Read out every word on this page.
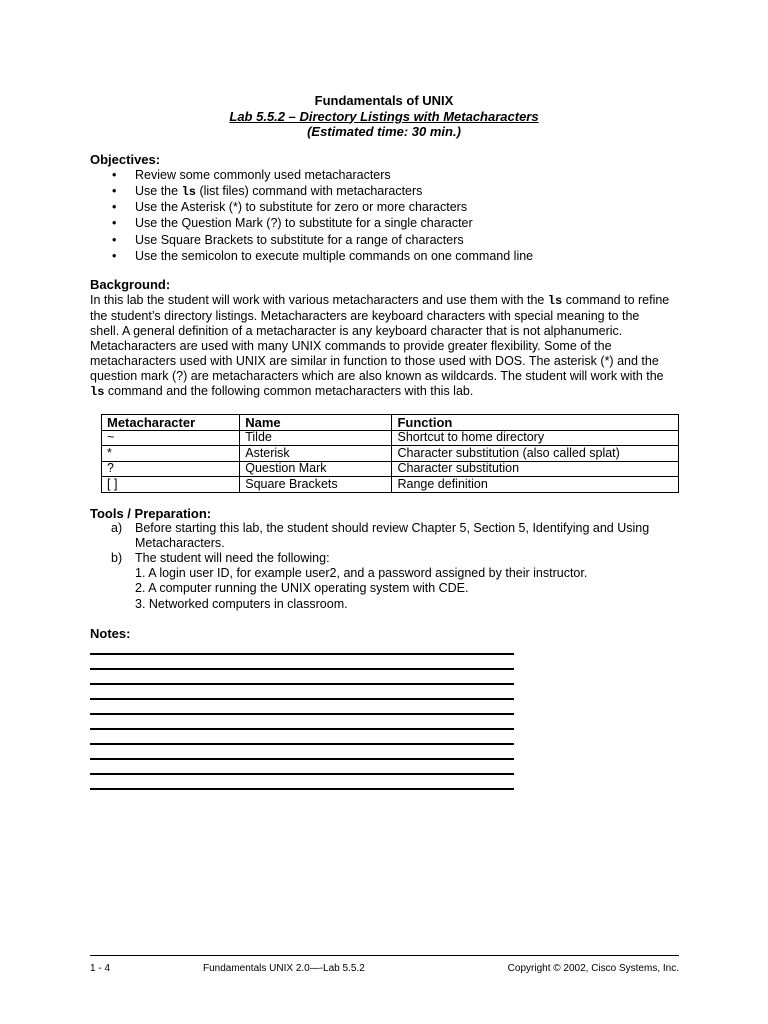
Fundamentals of UNIX
Lab 5.5.2 – Directory Listings with Metacharacters
(Estimated time: 30 min.)
Objectives:
• Review some commonly used metacharacters
• Use the ls (list files) command with metacharacters
• Use the Asterisk (*) to substitute for zero or more characters
• Use the Question Mark (?) to substitute for a single character
• Use Square Brackets to substitute for a range of characters
• Use the semicolon to execute multiple commands on one command line
Background:
In this lab the student will work with various metacharacters and use them with the ls command to refine
the student’s directory listings. Metacharacters are keyboard characters with special meaning to the
shell. A general definition of a metacharacter is any keyboard character that is not alphanumeric.
Metacharacters are used with many UNIX commands to provide greater flexibility. Some of the
metacharacters used with UNIX are similar in function to those used with DOS. The asterisk (*) and the
question mark (?) are metacharacters which are also known as wildcards. The student will work with the
ls command and the following common metacharacters with this lab.
Metacharacter	Name	Function
~	Tilde	Shortcut to home directory
*	Asterisk	Character substitution (also called splat)
?	Question Mark	Character substitution
[ ]	Square Brackets	Range definition
Tools / Preparation:
a) Before starting this lab, the student should review Chapter 5, Section 5, Identifying and Using
Metacharacters.
b) The student will need the following:
1. A login user ID, for example user2, and a password assigned by their instructor.
2. A computer running the UNIX operating system with CDE.
3. Networked computers in classroom.
Notes:
1 - 4	Fundamentals UNIX 2.0—-Lab 5.5.2	Copyright © 2002, Cisco Systems, Inc.
